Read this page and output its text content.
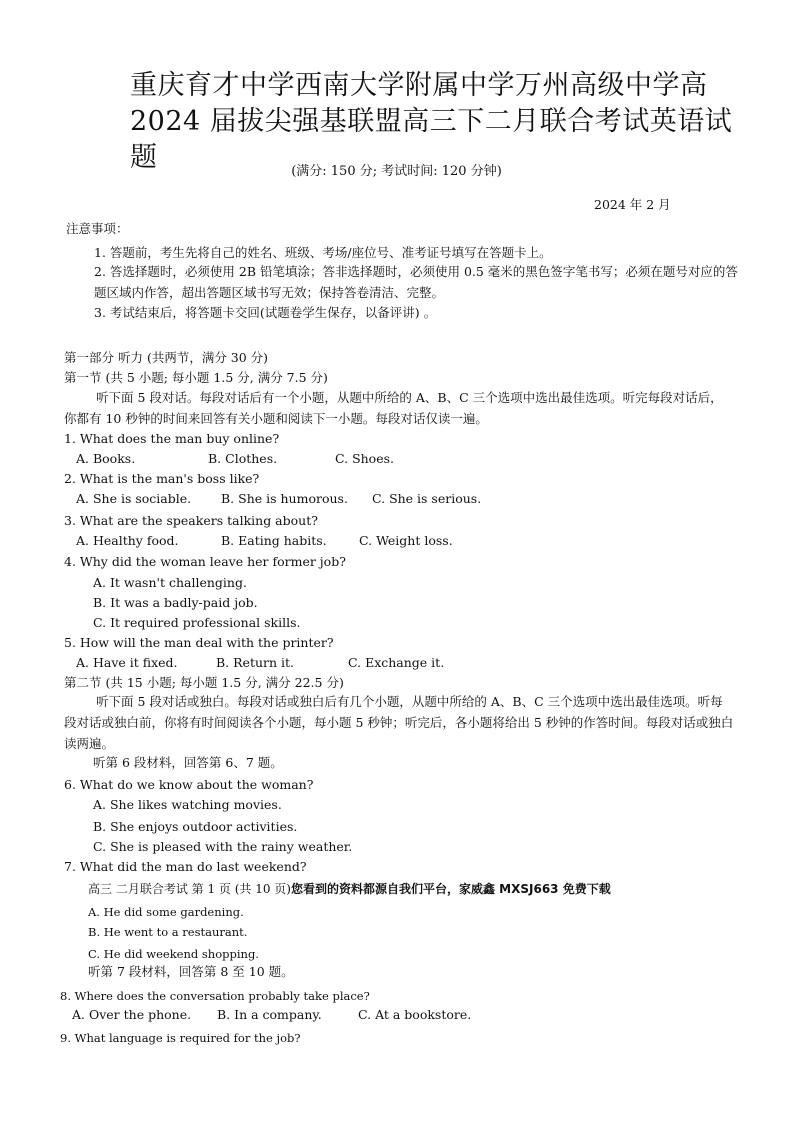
重庆育才中学西南大学附属中学万州高级中学高 2024 届拔尖强基联盟高三下二月联合考试英语试题	(满分: 150 分; 考试时间: 120 分钟)
2024 年 2 月
注意事项：
1. 答题前，考生先将自己的姓名、班级、考场/座位号、准考证号填写在答题卡上。
2. 答选择题时，必须使用 2B 铅笔填涂；答非选择题时，必须使用 0.5 毫米的黑色签字笔书写；必须在题号对应的答题区域内作答，超出答题区域书写无效；保持答卷清洁、完整。
3. 考试结束后，将答题卡交回(试题卷学生保存，以备评讲) 。
第一部分 听力 (共两节，满分 30 分)
第一节 (共 5 小题; 每小题 1.5 分, 满分 7.5 分)
听下面 5 段对话。每段对话后有一个小题，从题中所给的 A、B、C 三个选项中选出最佳选项。听完每段对话后，你都有 10 秒钟的时间来回答有关小题和阅读下一小题。每段对话仅读一遍。
1. What does the man buy online?
A. Books.	B. Clothes.	C. Shoes.
2. What is the man's boss like?
A. She is sociable. B. She is humorous. C. She is serious.
3. What are the speakers talking about?
A. Healthy food.	B. Eating habits.	C. Weight loss.
4. Why did the woman leave her former job?
A. It wasn't challenging.
B. It was a badly-paid job.
C. It required professional skills.
5. How will the man deal with the printer?
A. Have it fixed.	B. Return it.	C. Exchange it.
第二节 (共 15 小题; 每小题 1.5 分, 满分 22.5 分)
听下面 5 段对话或独白。每段对话或独白后有几个小题，从题中所给的 A、B、C 三个选项中选出最佳选项。听每段对话或独白前，你将有时间阅读各个小题，每小题 5 秒钟；听完后，各小题将给出 5 秒钟的作答时间。每段对话或独白读两遍。
听第 6 段材料，回答第 6、7 题。
6. What do we know about the woman?
A. She likes watching movies.
B. She enjoys outdoor activities.
C. She is pleased with the rainy weather.
7. What did the man do last weekend?
高三 二月联合考试 第 1 页 (共 10 页)您看到的资料都源自我们平台，家威鑫 MXSJ663 免费下载
A. He did some gardening.
B. He went to a restaurant.
C. He did weekend shopping.
听第 7 段材料，回答第 8 至 10 题。
8. Where does the conversation probably take place?
A. Over the phone. B. In a company.	C. At a bookstore.
9. What language is required for the job?
